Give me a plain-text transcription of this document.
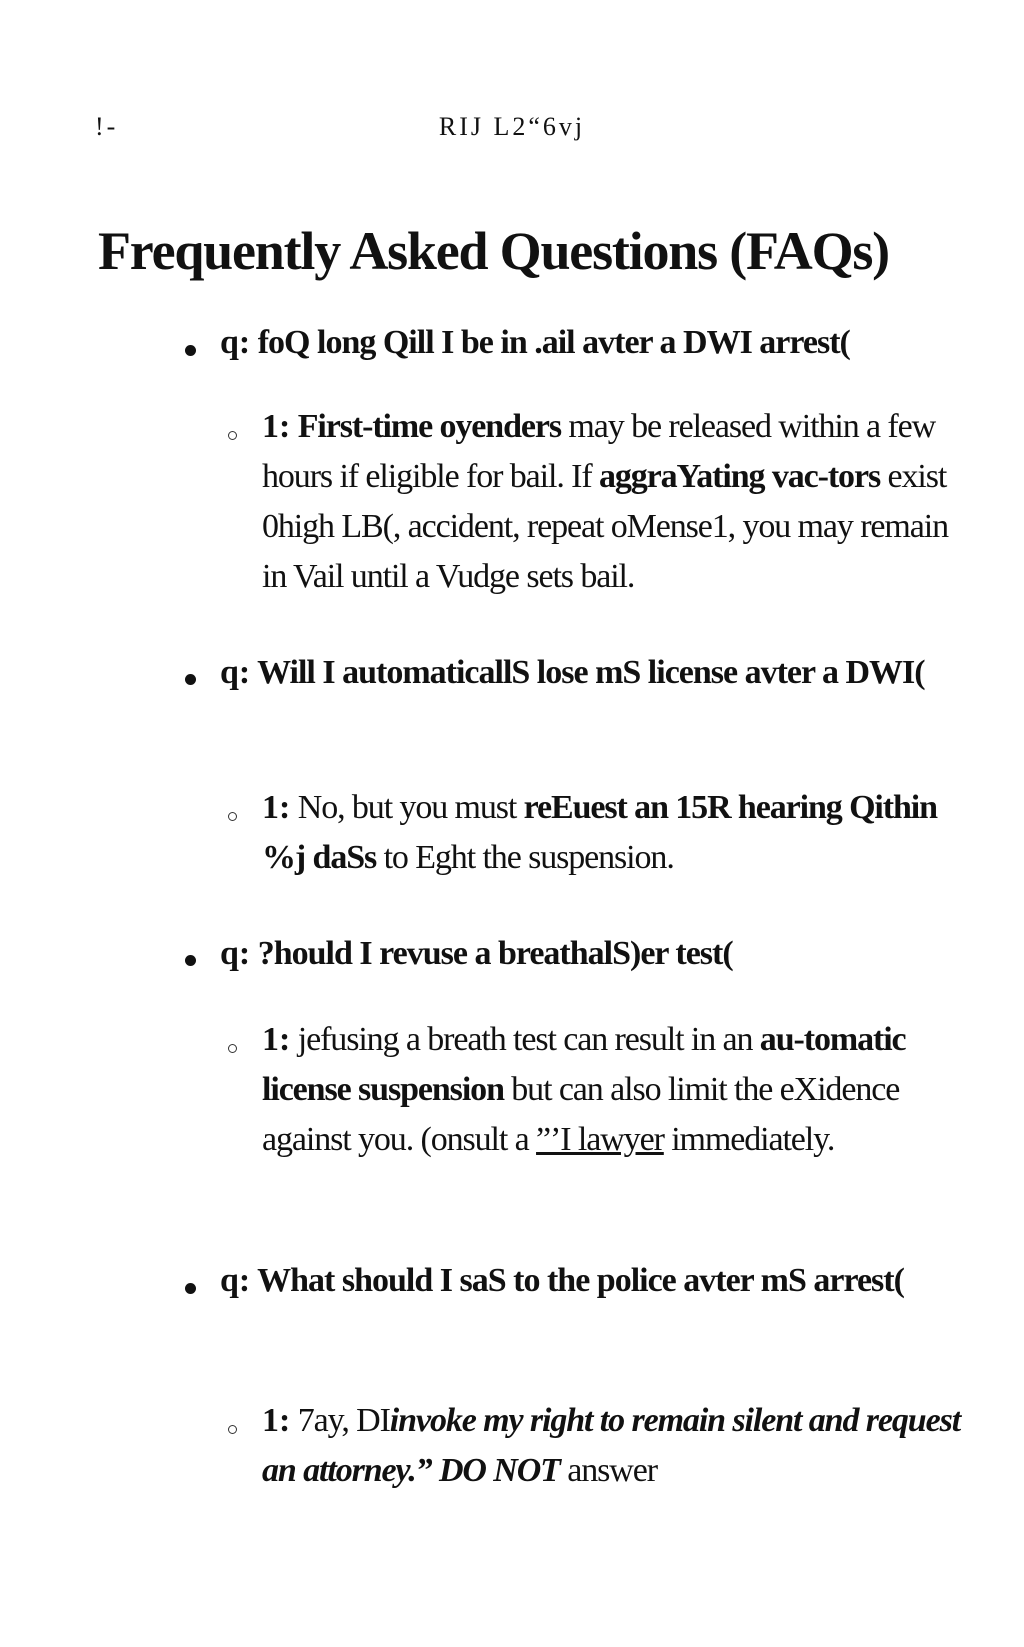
!-	RIJ L2“6vj
Frequently Asked Questions (FAQs)
q: foQ long Qill I be in .ail avter a DWI arrest(
1: First-time oyenders may be released within a few hours if eligible for bail. If aggraYating vac-tors exist 0high LB(, accident, repeat oMense1, you may remain in Vail until a Vudge sets bail.
q: Will I automaticallS lose mS license avter a DWI(
1: No, but you must reEuest an 15R hearing Qithin %j daSs to Eght the suspension.
q: ?hould I revuse a breathalS)er test(
1: jefusing a breath test can result in an au-tomatic license suspension but can also limit the eXidence against you. (onsult a ”’I lawyer immediately.
q: What should I saS to the police avter mS arrest(
1: 7ay, DIinvoke my right to remain silent and request an attorney.” DO NOT answer
